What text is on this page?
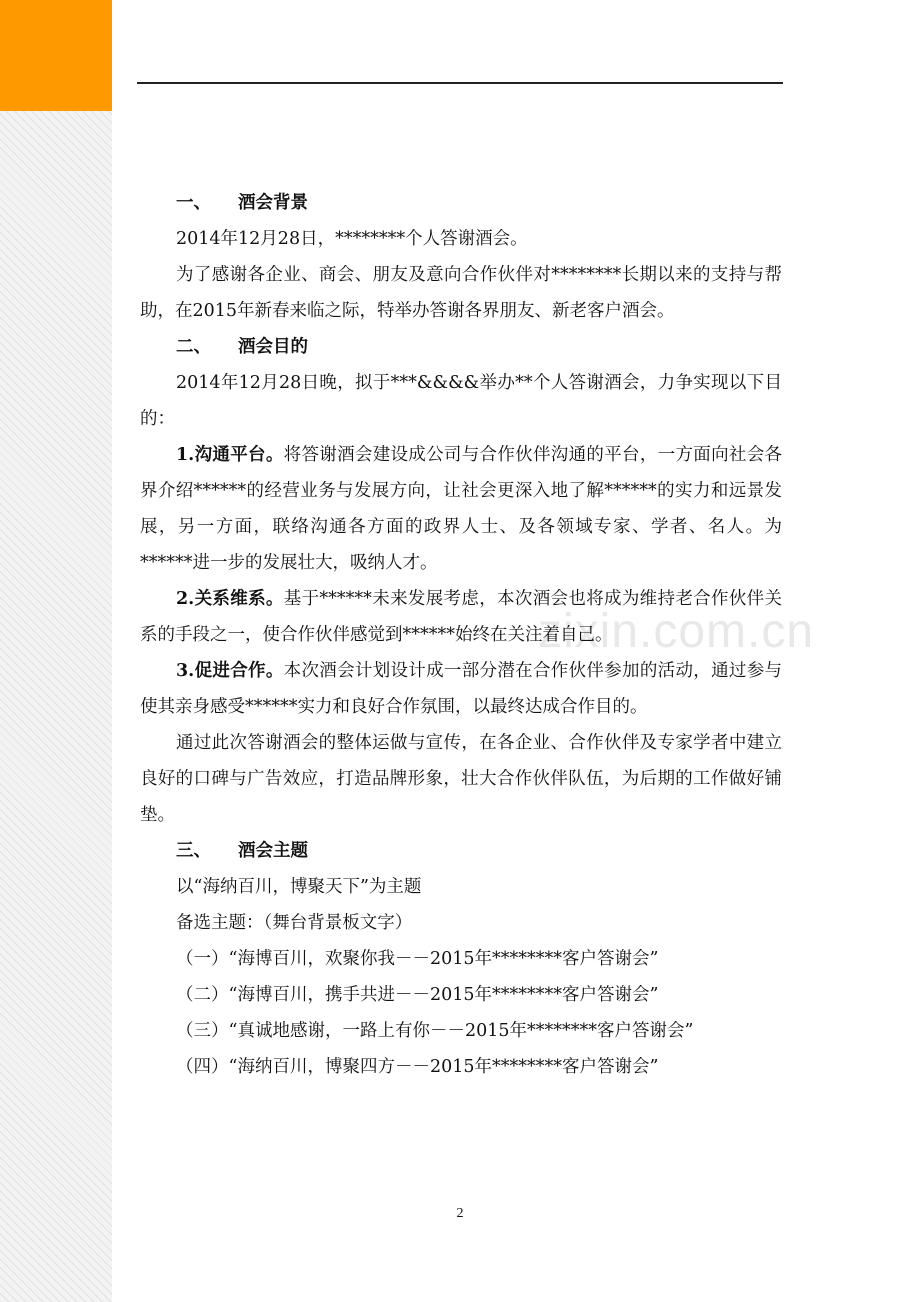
zixin.com.cn

一、 酒会背景

2014年12月28日，********个人答谢酒会。

为了感谢各企业、商会、朋友及意向合作伙伴对********长期以来的支持与帮助，在2015年新春来临之际，特举办答谢各界朋友、新老客户酒会。

二、 酒会目的

2014年12月28日晚，拟于***&&&&举办**个人答谢酒会，力争实现以下目的：

1.沟通平台。将答谢酒会建设成公司与合作伙伴沟通的平台，一方面向社会各界介绍******的经营业务与发展方向，让社会更深入地了解******的实力和远景发展，另一方面，联络沟通各方面的政界人士、及各领域专家、学者、名人。为******进一步的发展壮大，吸纳人才。

2.关系维系。基于******未来发展考虑，本次酒会也将成为维持老合作伙伴关系的手段之一，使合作伙伴感觉到******始终在关注着自己。

3.促进合作。本次酒会计划设计成一部分潜在合作伙伴参加的活动，通过参与使其亲身感受******实力和良好合作氛围，以最终达成合作目的。

通过此次答谢酒会的整体运做与宣传，在各企业、合作伙伴及专家学者中建立良好的口碑与广告效应，打造品牌形象，壮大合作伙伴队伍，为后期的工作做好铺垫。

三、 酒会主题

以“海纳百川，博聚天下”为主题

备选主题：（舞台背景板文字）

（一）“海博百川，欢聚你我－－2015年********客户答谢会”

（二）“海博百川，携手共进－－2015年********客户答谢会”

（三）“真诚地感谢，一路上有你－－2015年********客户答谢会”

（四）“海纳百川，博聚四方－－2015年********客户答谢会”

2
